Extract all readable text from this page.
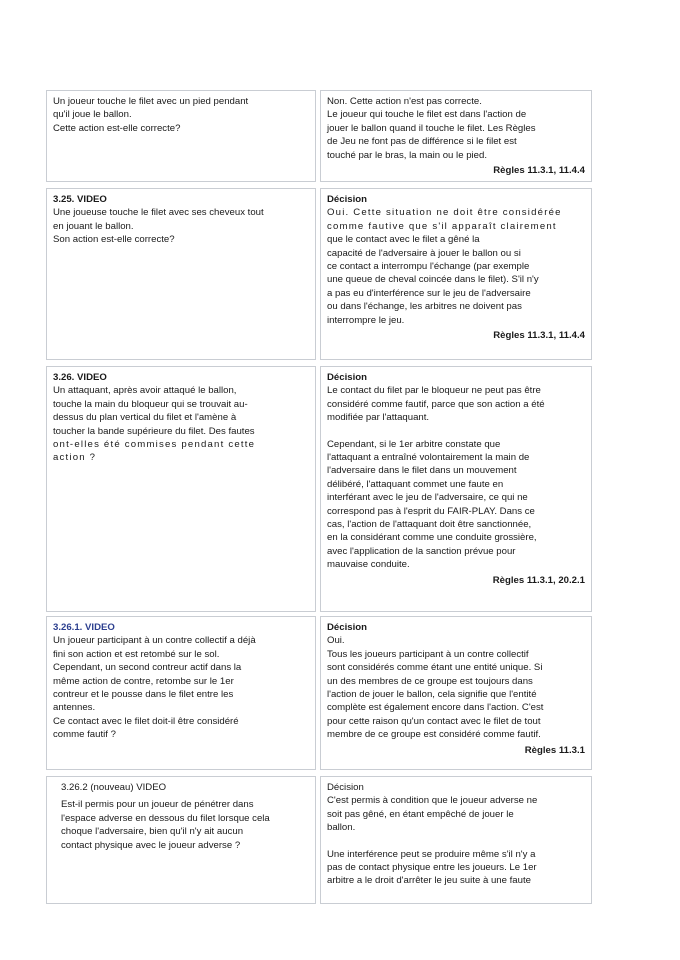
Un joueur touche le filet avec un pied pendant
qu'il joue le ballon.
Cette action est-elle correcte?
Non. Cette action n'est pas correcte.
Le joueur qui touche le filet est dans l'action de
jouer le ballon quand il touche le filet. Les Règles
de Jeu ne font pas de différence si le filet est
touché par le bras, la main ou le pied.
Règles 11.3.1, 11.4.4
3.25. VIDEO
Une joueuse touche le filet avec ses cheveux tout
en jouant le ballon.
Son action est-elle correcte?
Décision
Oui. Cette situation ne doit être considérée
comme fautive que s'il apparaît clairement
que le contact avec le filet a gêné la
capacité de l'adversaire à jouer le ballon ou si
ce contact a interrompu l'échange (par exemple
une queue de cheval coincée dans le filet). S'il n'y
a pas eu d'interférence sur le jeu de l'adversaire
ou dans l'échange, les arbitres ne doivent pas
interrompre le jeu.
Règles 11.3.1, 11.4.4
3.26. VIDEO
Un attaquant, après avoir attaqué le ballon,
touche la main du bloqueur qui se trouvait au-
dessus du plan vertical du filet et l'amène à
toucher la bande supérieure du filet. Des fautes
ont-elles été commises pendant cette
action ?
Décision
Le contact du filet par le bloqueur ne peut pas être
considéré comme fautif, parce que son action a été
modifiée par l'attaquant.
Cependant, si le 1er arbitre constate que
l'attaquant a entraîné volontairement la main de
l'adversaire dans le filet dans un mouvement
délibéré, l'attaquant commet une faute en
interférant avec le jeu de l'adversaire, ce qui ne
correspond pas à l'esprit du FAIR-PLAY. Dans ce
cas, l'action de l'attaquant doit être sanctionnée,
en la considérant comme une conduite grossière,
avec l'application de la sanction prévue pour
mauvaise conduite.
Règles 11.3.1, 20.2.1
3.26.1. VIDEO
Un joueur participant à un contre collectif a déjà
fini son action et est retombé sur le sol.
Cependant, un second contreur actif dans la
même action de contre, retombe sur le 1er
contreur et le pousse dans le filet entre les
antennes.
Ce contact avec le filet doit-il être considéré
comme fautif ?
Décision
Oui.
Tous les joueurs participant à un contre collectif
sont considérés comme étant une entité unique. Si
un des membres de ce groupe est toujours dans
l'action de jouer le ballon, cela signifie que l'entité
complète est également encore dans l'action. C'est
pour cette raison qu'un contact avec le filet de tout
membre de ce groupe est considéré comme fautif.
Règles 11.3.1
3.26.2 (nouveau) VIDEO
Est-il permis pour un joueur de pénétrer dans
l'espace adverse en dessous du filet lorsque cela
choque l'adversaire, bien qu'il n'y ait aucun
contact physique avec le joueur adverse ?
Décision
C'est permis à condition que le joueur adverse ne
soit pas gêné, en étant empêché de jouer le
ballon.
Une interférence peut se produire même s'il n'y a
pas de contact physique entre les joueurs. Le 1er
arbitre a le droit d'arrêter le jeu suite à une faute
